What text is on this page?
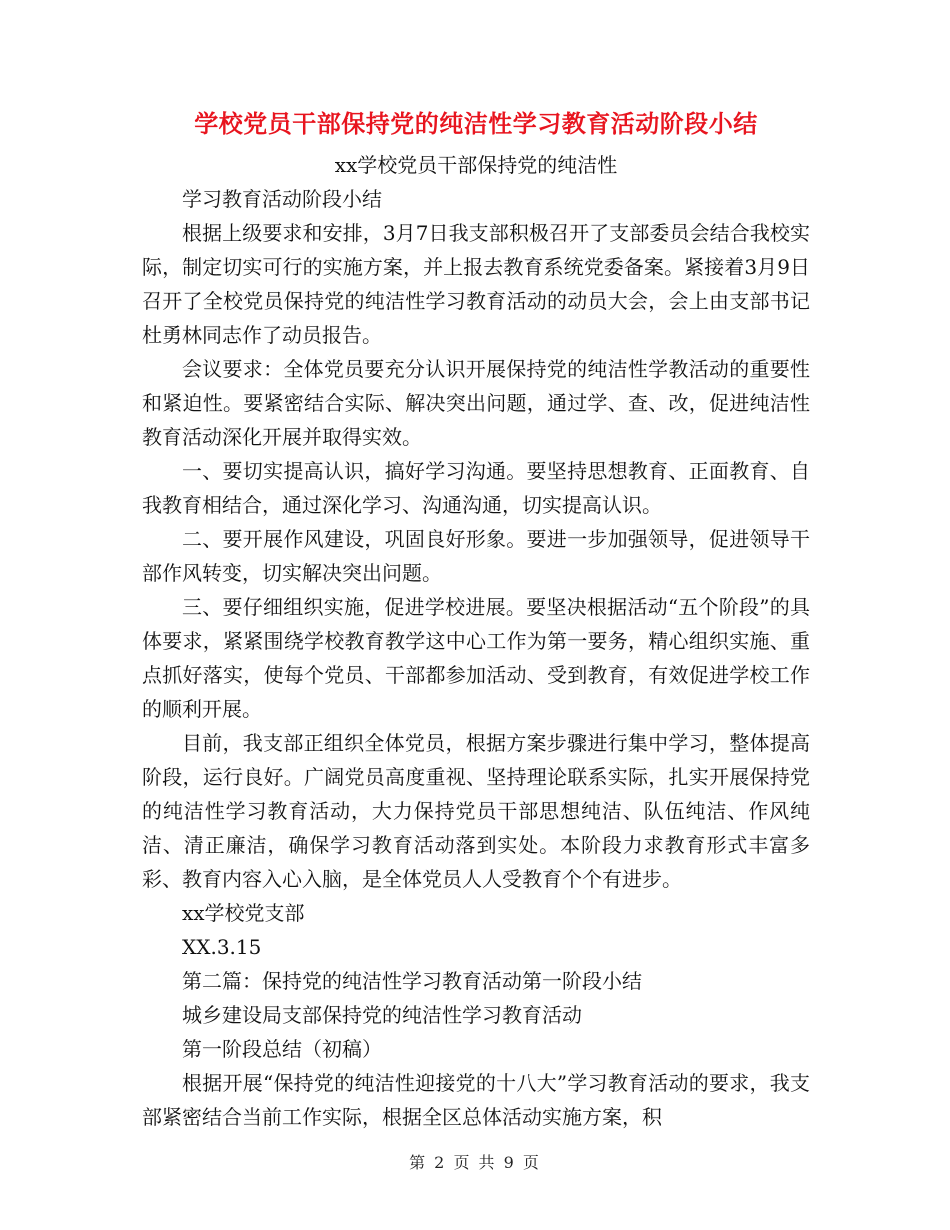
学校党员干部保持党的纯洁性学习教育活动阶段小结
xx学校党员干部保持党的纯洁性

学习教育活动阶段小结

根据上级要求和安排，3月7日我支部积极召开了支部委员会结合我校实际，制定切实可行的实施方案，并上报去教育系统党委备案。紧接着3月9日召开了全校党员保持党的纯洁性学习教育活动的动员大会，会上由支部书记杜勇林同志作了动员报告。

会议要求：全体党员要充分认识开展保持党的纯洁性学教活动的重要性和紧迫性。要紧密结合实际、解决突出问题，通过学、查、改，促进纯洁性教育活动深化开展并取得实效。

一、要切实提高认识，搞好学习沟通。要坚持思想教育、正面教育、自我教育相结合，通过深化学习、沟通沟通，切实提高认识。

二、要开展作风建设，巩固良好形象。要进一步加强领导，促进领导干部作风转变，切实解决突出问题。

三、要仔细组织实施，促进学校进展。要坚决根据活动“五个阶段”的具体要求，紧紧围绕学校教育教学这中心工作为第一要务，精心组织实施、重点抓好落实，使每个党员、干部都参加活动、受到教育，有效促进学校工作的顺利开展。

目前，我支部正组织全体党员，根据方案步骤进行集中学习，整体提高阶段，运行良好。广阔党员高度重视、坚持理论联系实际，扎实开展保持党的纯洁性学习教育活动，大力保持党员干部思想纯洁、队伍纯洁、作风纯洁、清正廉洁，确保学习教育活动落到实处。本阶段力求教育形式丰富多彩、教育内容入心入脑，是全体党员人人受教育个个有进步。

xx学校党支部

XX.3.15

第二篇：保持党的纯洁性学习教育活动第一阶段小结

城乡建设局支部保持党的纯洁性学习教育活动

第一阶段总结（初稿）

根据开展“保持党的纯洁性迎接党的十八大”学习教育活动的要求，我支部紧密结合当前工作实际，根据全区总体活动实施方案，积

第 2 页 共 9 页
